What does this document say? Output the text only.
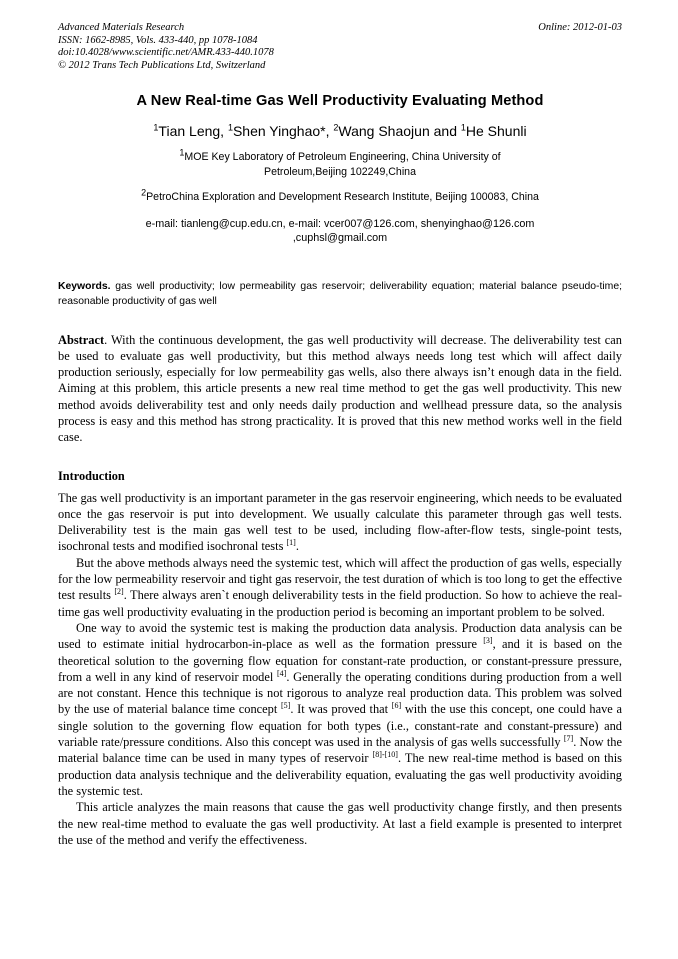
Advanced Materials Research
ISSN: 1662-8985, Vols. 433-440, pp 1078-1084
doi:10.4028/www.scientific.net/AMR.433-440.1078
© 2012 Trans Tech Publications Ltd, Switzerland
Online: 2012-01-03
A New Real-time Gas Well Productivity Evaluating Method
$^1$Tian Leng, $^1$Shen Yinghao*, $^2$Wang Shaojun and $^1$He Shunli
$^1$MOE Key Laboratory of Petroleum Engineering, China University of
Petroleum,Beijing 102249,China
$^2$PetroChina Exploration and Development Research Institute, Beijing 100083, China
e-mail: tianleng@cup.edu.cn, e-mail: vcer007@126.com, shenyinghao@126.com
,cuphsl@gmail.com
Keywords. gas well productivity; low permeability gas reservoir; deliverability equation; material balance pseudo-time; reasonable productivity of gas well
Abstract. With the continuous development, the gas well productivity will decrease. The deliverability test can be used to evaluate gas well productivity, but this method always needs long test which will affect daily production seriously, especially for low permeability gas wells, also there always isn’t enough data in the field. Aiming at this problem, this article presents a new real time method to get the gas well productivity. This new method avoids deliverability test and only needs daily production and wellhead pressure data, so the analysis process is easy and this method has strong practicality. It is proved that this new method works well in the field case.
Introduction
The gas well productivity is an important parameter in the gas reservoir engineering, which needs to be evaluated once the gas reservoir is put into development. We usually calculate this parameter through gas well tests. Deliverability test is the main gas well test to be used, including flow-after-flow tests, single-point tests, isochronal tests and modified isochronal tests [1].
But the above methods always need the systemic test, which will affect the production of gas wells, especially for the low permeability reservoir and tight gas reservoir, the test duration of which is too long to get the effective test results [2]. There always aren`t enough deliverability tests in the field production. So how to achieve the real-time gas well productivity evaluating in the production period is becoming an important problem to be solved.
One way to avoid the systemic test is making the production data analysis. Production data analysis can be used to estimate initial hydrocarbon-in-place as well as the formation pressure [3], and it is based on the theoretical solution to the governing flow equation for constant-rate production, or constant-pressure pressure, from a well in any kind of reservoir model [4]. Generally the operating conditions during production from a well are not constant. Hence this technique is not rigorous to analyze real production data. This problem was solved by the use of material balance time concept [5]. It was proved that [6] with the use this concept, one could have a single solution to the governing flow equation for both types (i.e., constant-rate and constant‑pressure) and variable rate/pressure conditions. Also this concept was used in the analysis of gas wells successfully [7]. Now the material balance time can be used in many types of reservoir [8]-[10]. The new real-time method is based on this production data analysis technique and the deliverability equation, evaluating the gas well productivity avoiding the systemic test.
This article analyzes the main reasons that cause the gas well productivity change firstly, and then presents the new real-time method to evaluate the gas well productivity. At last a field example is presented to interpret the use of the method and verify the effectiveness.
